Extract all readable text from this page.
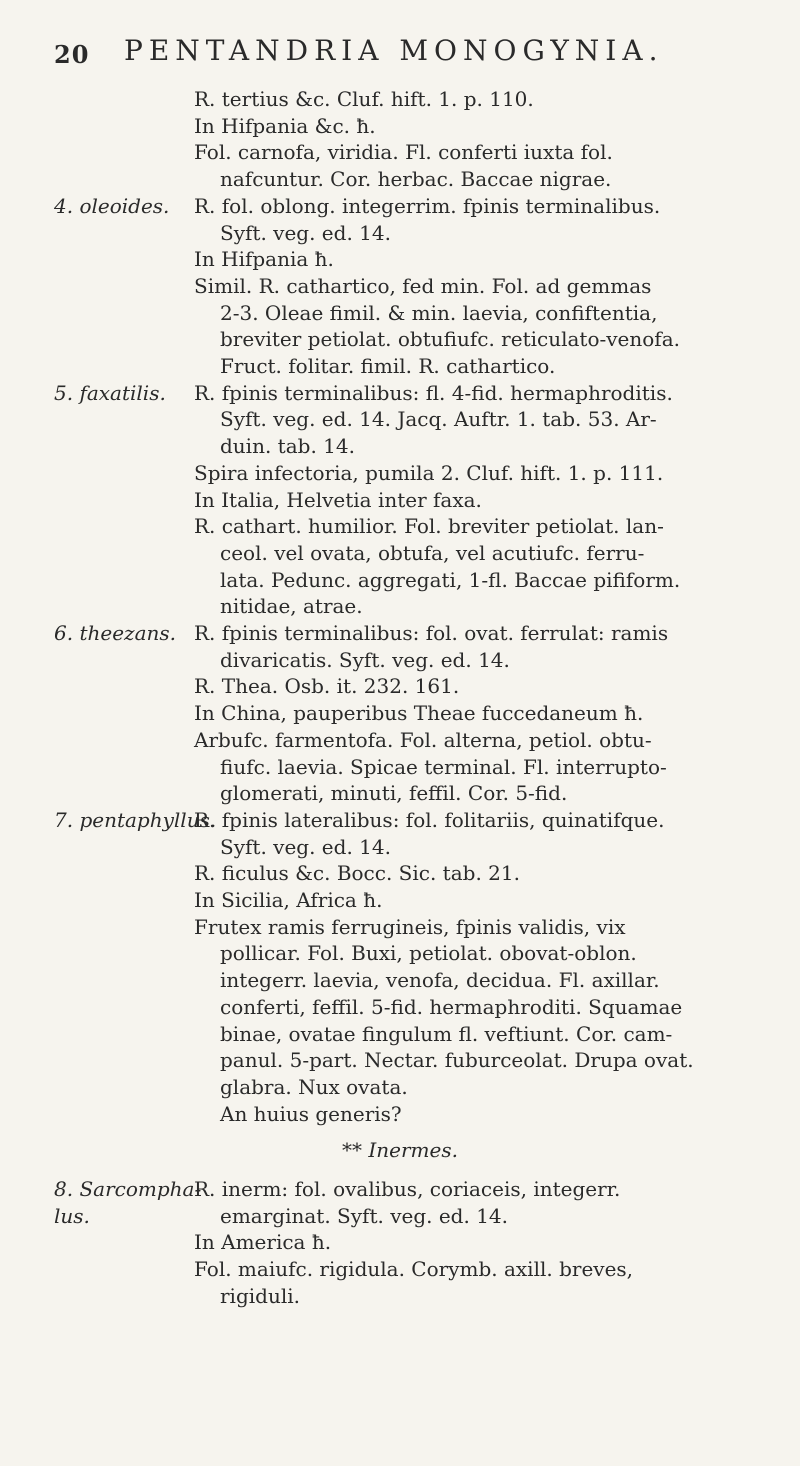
20 PENTANDRIA MONOGYNIA.
R. tertius &c. Cluf. hift. 1. p. 110.
In Hifpania &c. ħ.
Fol. carnofa, viridia. Fl. conferti iuxta fol.
nafcuntur. Cor. herbac. Baccae nigrae.
4. oleoides. R. fol. oblong. integerrim. fpinis terminalibus.
Syft. veg. ed. 14.
In Hifpania ħ.
Simil. R. cathartico, fed min. Fol. ad gemmas
2-3. Oleae fimil. & min. laevia, confiftentia,
breviter petiolat. obtufiufc. reticulato-venofa.
Fruct. folitar. fimil. R. cathartico.
5. faxatilis. R. fpinis terminalibus: fl. 4-fid. hermaphroditis.
Syft. veg. ed. 14. Jacq. Auftr. 1. tab. 53. Ar-
duin. tab. 14.
Spira infectoria, pumila 2. Cluf. hift. 1. p. 111.
In Italia, Helvetia inter faxa.
R. cathart. humilior. Fol. breviter petiolat. lan-
ceol. vel ovata, obtufa, vel acutiufc. ferru-
lata. Pedunc. aggregati, 1-fl. Baccae pifiform.
nitidae, atrae.
6. theezans. R. fpinis terminalibus: fol. ovat. ferrulat: ramis
divaricatis. Syft. veg. ed. 14.
R. Thea. Osb. it. 232. 161.
In China, pauperibus Theae fuccedaneum ħ.
Arbufc. farmentofa. Fol. alterna, petiol. obtu-
fiufc. laevia. Spicae terminal. Fl. interrupto-
glomerati, minuti, feffil. Cor. 5-fid.
7. pentaphyllus.
R. fpinis lateralibus: fol. folitariis, quinatifque.
Syft. veg. ed. 14.
R. ficulus &c. Bocc. Sic. tab. 21.
In Sicilia, Africa ħ.
Frutex ramis ferrugineis, fpinis validis, vix
pollicar. Fol. Buxi, petiolat. obovat-oblon.
integerr. laevia, venofa, decidua. Fl. axillar.
conferti, feffil. 5-fid. hermaphroditi. Squamae
binae, ovatae fingulum fl. veftiunt. Cor. cam-
panul. 5-part. Nectar. fuburceolat. Drupa ovat.
glabra. Nux ovata.
An huius generis?
** Inermes.
8. Sarcompha-
R. inerm: fol. ovalibus, coriaceis, integerr.
lus.	emarginat. Syft. veg. ed. 14.
In America ħ.
Fol. maiufc. rigidula. Corymb. axill. breves,
rigiduli.
